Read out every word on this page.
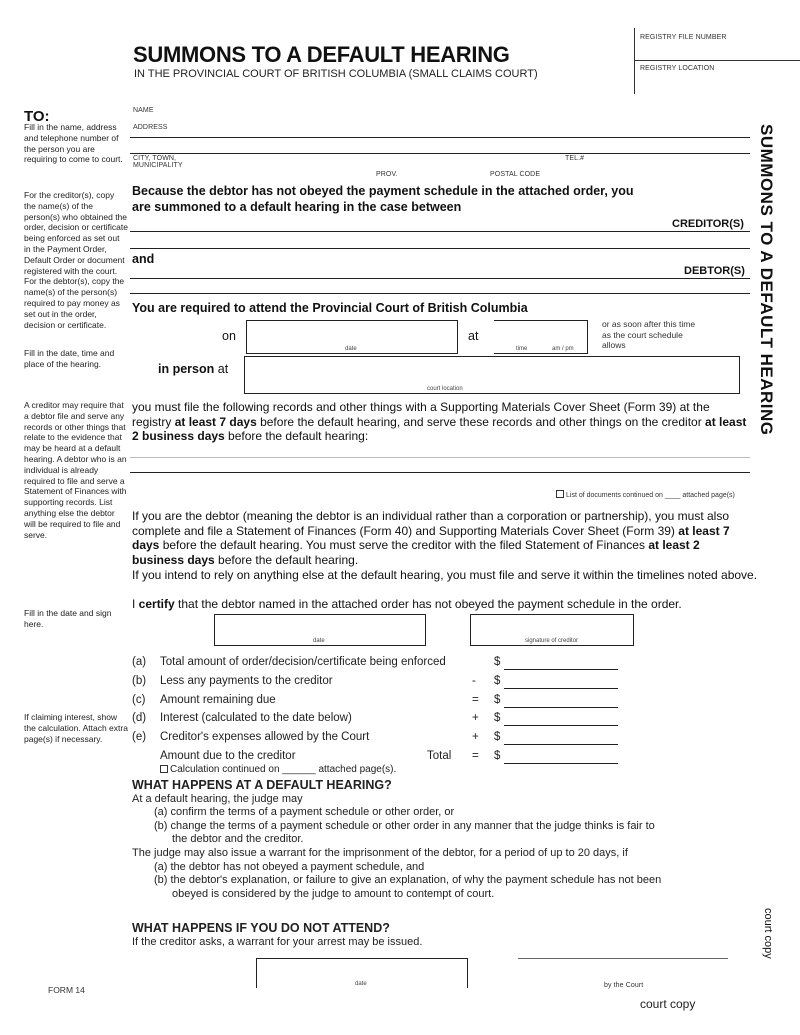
SUMMONS TO A DEFAULT HEARING
IN THE PROVINCIAL COURT OF BRITISH COLUMBIA (SMALL CLAIMS COURT)
REGISTRY FILE NUMBER
REGISTRY LOCATION
SUMMONS TO A DEFAULT HEARING
TO:
Fill in the name, address and telephone number of the person you are requiring to come to court.
NAME
ADDRESS
CITY, TOWN,
MUNICIPALITY
TEL.#
PROV.	POSTAL CODE
For the creditor(s), copy the name(s) of the person(s) who obtained the order, decision or certificate being enforced as set out in the Payment Order, Default Order or document registered with the court. For the debtor(s), copy the name(s) of the person(s) required to pay money as set out in the order, decision or certificate.
Because the debtor has not obeyed the payment schedule in the attached order, you
are summoned to a default hearing in the case between
CREDITOR(S)
and
DEBTOR(S)
Fill in the date, time and place of the hearing.
You are required to attend the Provincial Court of British Columbia
on
date
at
time	am / pm
or as soon after this time as the court schedule allows
in person at
court location
A creditor may require that a debtor file and serve any records or other things that relate to the evidence that may be heard at a default hearing. A debtor who is an individual is already required to file and serve a Statement of Finances with supporting records. List anything else the debtor will be required to file and serve.
you must file the following records and other things with a Supporting Materials Cover Sheet (Form 39) at the registry at least 7 days before the default hearing, and serve these records and other things on the creditor at least 2 business days before the default hearing:
List of documents continued on ____ attached page(s)
If you are the debtor (meaning the debtor is an individual rather than a corporation or partnership), you must also complete and file a Statement of Finances (Form 40) and Supporting Materials Cover Sheet (Form 39) at least 7 days before the default hearing. You must serve the creditor with the filed Statement of Finances at least 2 business days before the default hearing.
If you intend to rely on anything else at the default hearing, you must file and serve it within the timelines noted above.
Fill in the date and sign here.
I certify that the debtor named in the attached order has not obeyed the payment schedule in the order.
date	signature of creditor
If claiming interest, show the calculation. Attach extra page(s) if necessary.
(a) Total amount of order/decision/certificate being enforced	$
(b) Less any payments to the creditor	- $
(c) Amount remaining due	= $
(d) Interest (calculated to the date below)	+ $
(e) Creditor's expenses allowed by the Court	+ $
Amount due to the creditor	Total = $
Calculation continued on ______ attached page(s).
WHAT HAPPENS AT A DEFAULT HEARING?
At a default hearing, the judge may
(a) confirm the terms of a payment schedule or other order, or
(b) change the terms of a payment schedule or other order in any manner that the judge thinks is fair to
the debtor and the creditor.
The judge may also issue a warrant for the imprisonment of the debtor, for a period of up to 20 days, if
(a) the debtor has not obeyed a payment schedule, and
(b) the debtor's explanation, or failure to give an explanation, of why the payment schedule has not been
obeyed is considered by the judge to amount to contempt of court.
WHAT HAPPENS IF YOU DO NOT ATTEND?
If the creditor asks, a warrant for your arrest may be issued.
date	by the Court
FORM 14
court copy
court copy
